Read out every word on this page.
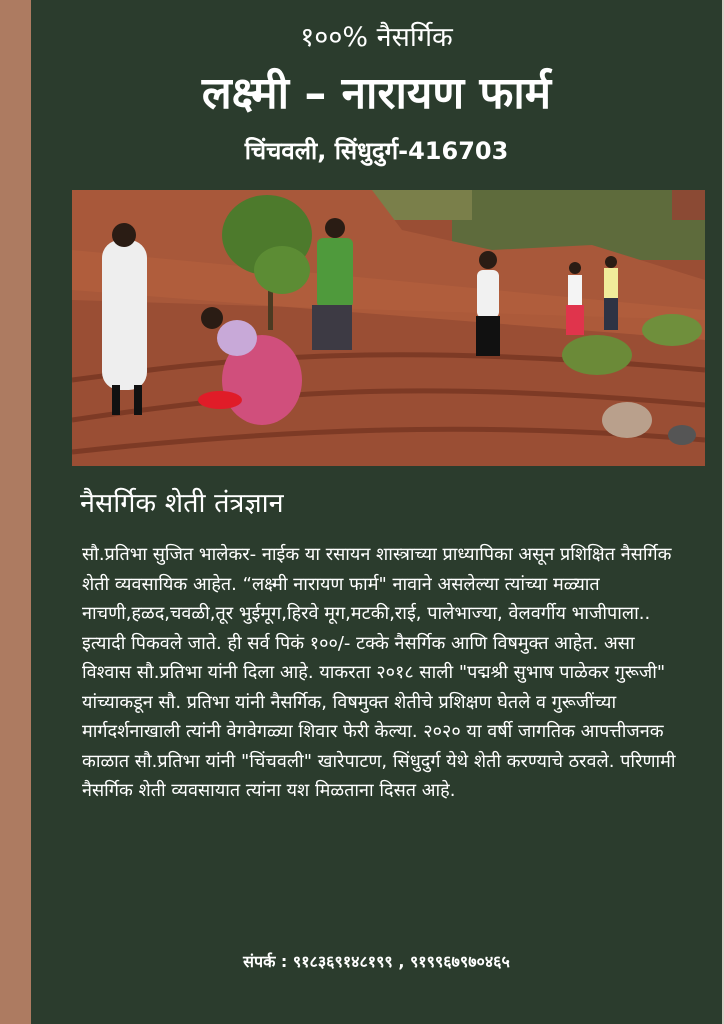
१००% नैसर्गिक
लक्ष्मी – नारायण फार्म
चिंचवली, सिंधुदुर्ग-416703
नैसर्गिक शेती तंत्रज्ञान
सौ.प्रतिभा सुजित भालेकर- नाईक या रसायन शास्त्राच्या प्राध्यापिका असून प्रशिक्षित नैसर्गिक शेती व्यवसायिक आहेत. “लक्ष्मी नारायण फार्म" नावाने असलेल्या त्यांच्या मळ्यात नाचणी,हळद,चवळी,तूर भुईमूग,हिरवे मूग,मटकी,राई, पालेभाज्या, वेलवर्गीय भाजीपाला.. इत्यादी पिकवले जाते. ही सर्व पिकं १००/- टक्के नैसर्गिक आणि विषमुक्त आहेत. असा विश्वास सौ.प्रतिभा यांनी दिला आहे. याकरता २०१८ साली "पद्मश्री सुभाष पाळेकर गुरूजी" यांच्याकडून सौ. प्रतिभा यांनी नैसर्गिक, विषमुक्त शेतीचे प्रशिक्षण घेतले व गुरूजींच्या मार्गदर्शनाखाली त्यांनी वेगवेगळ्या शिवार फेरी केल्या. २०२० या वर्षी जागतिक आपत्तीजनक काळात सौ.प्रतिभा यांनी "चिंचवली" खारेपाटण, सिंधुदुर्ग येथे शेती करण्याचे ठरवले. परिणामी नैसर्गिक शेती व्यवसायात त्यांना यश मिळताना दिसत आहे.
संपर्क : ९१८३६९१४८१९९ , ९१९९६७९७०४६५
